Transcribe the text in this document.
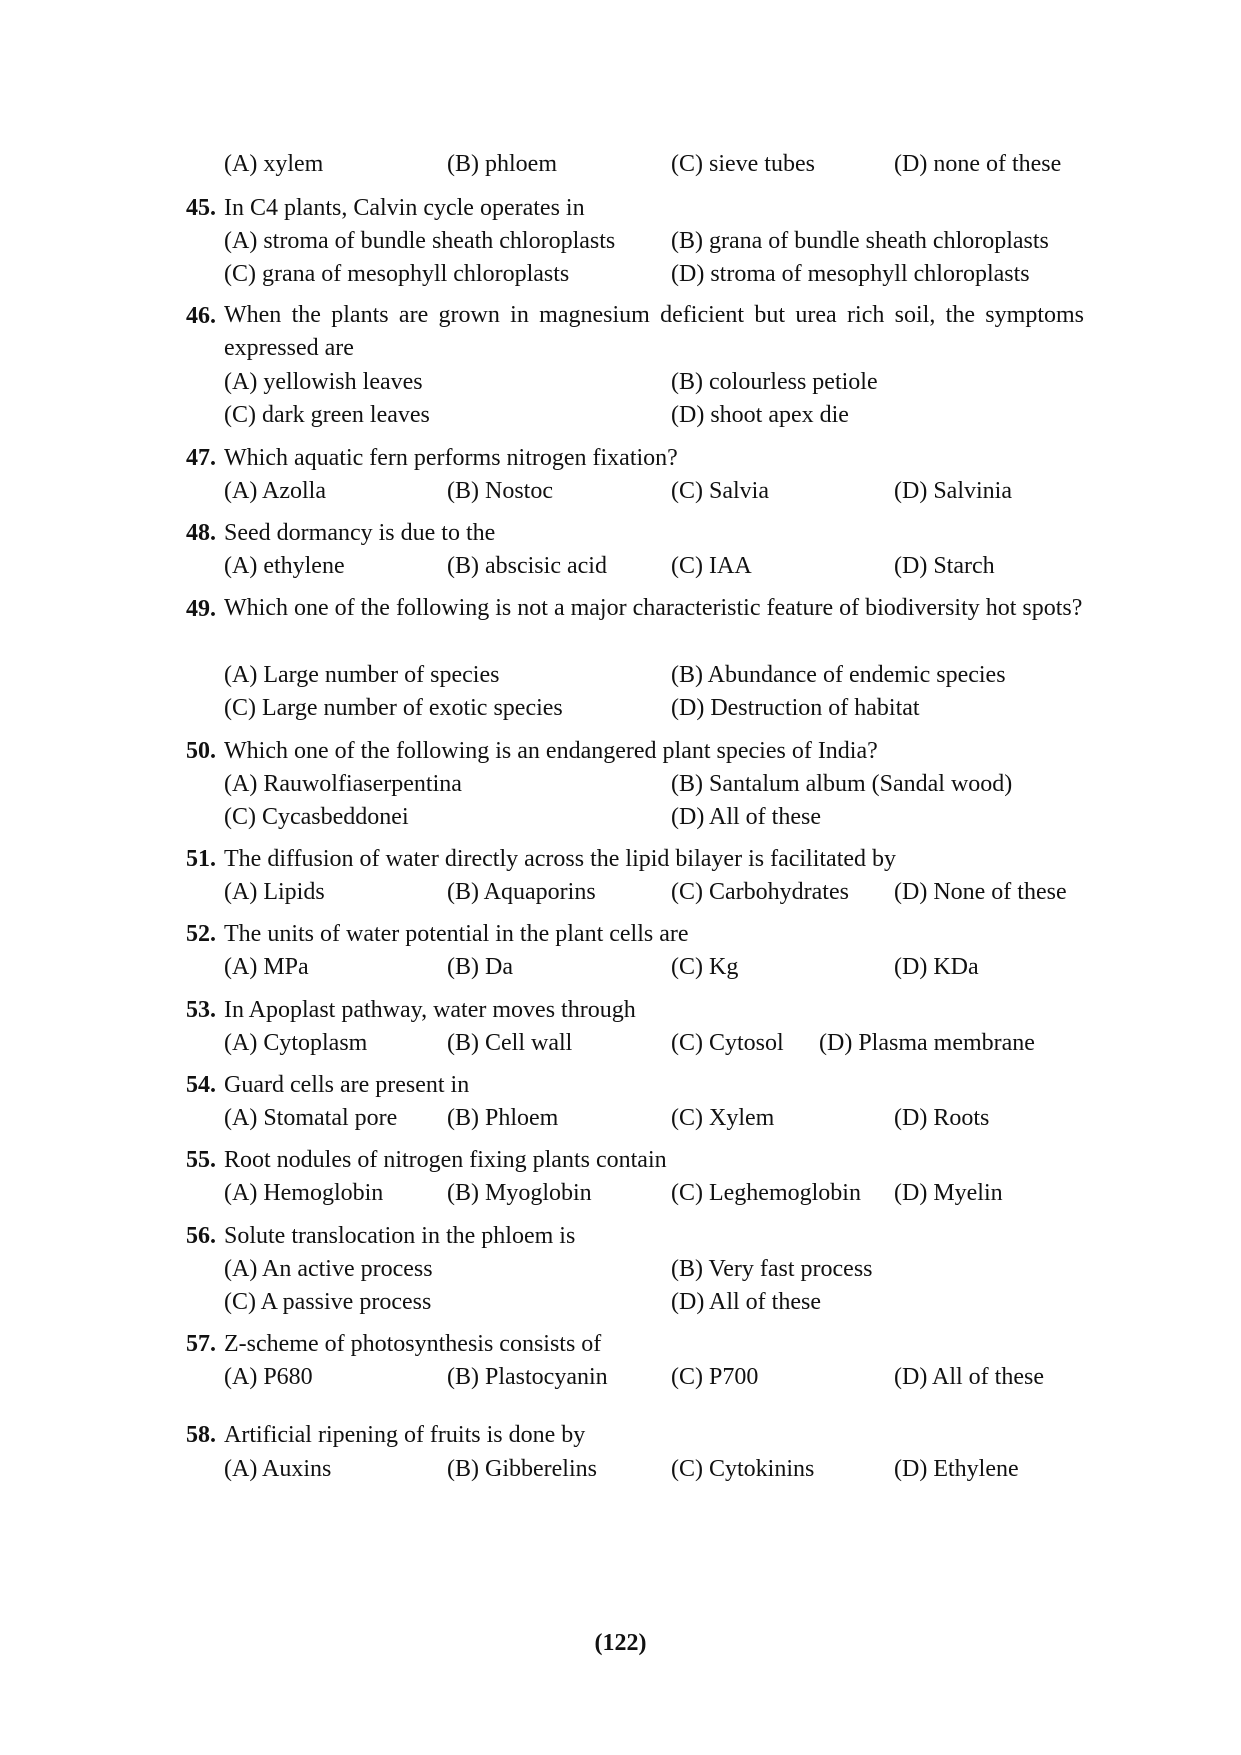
(A) xylem	(B) phloem	(C) sieve tubes	(D) none of these
45. In C4 plants, Calvin cycle operates in
(A) stroma of bundle sheath chloroplasts (B) grana of bundle sheath chloroplasts
(C) grana of mesophyll chloroplasts	(D) stroma of mesophyll chloroplasts
46. When the plants are grown in magnesium deficient but urea rich soil, the symptoms expressed are
(A) yellowish leaves	(B) colourless petiole
(C) dark green leaves	(D) shoot apex die
47. Which aquatic fern performs nitrogen fixation?
(A) Azolla	(B) Nostoc	(C) Salvia	(D) Salvinia
48. Seed dormancy is due to the
(A) ethylene	(B) abscisic acid	(C) IAA	(D) Starch
49. Which one of the following is not a major characteristic feature of biodiversity hot spots?
(A) Large number of species	(B) Abundance of endemic species
(C) Large number of exotic species	(D) Destruction of habitat
50. Which one of the following is an endangered plant species of India?
(A) Rauwolfiaserpentina	(B) Santalum album (Sandal wood)
(C) Cycasbeddonei	(D) All of these
51. The diffusion of water directly across the lipid bilayer is facilitated by
(A) Lipids	(B) Aquaporins	(C) Carbohydrates (D) None of these
52. The units of water potential in the plant cells are
(A) MPa	(B) Da	(C) Kg	(D) KDa
53. In Apoplast pathway, water moves through
(A) Cytoplasm	(B) Cell wall	(C) Cytosol (D) Plasma membrane
54. Guard cells are present in
(A) Stomatal pore (B) Phloem	(C) Xylem	(D) Roots
55. Root nodules of nitrogen fixing plants contain
(A) Hemoglobin	(B) Myoglobin	(C) Leghemoglobin (D) Myelin
56. Solute translocation in the phloem is
(A) An active process	(B) Very fast process
(C) A passive process	(D) All of these
57. Z-scheme of photosynthesis consists of
(A) P680	(B) Plastocyanin	(C) P700	(D) All of these
58. Artificial ripening of fruits is done by
(A) Auxins	(B) Gibberelins	(C) Cytokinins	(D) Ethylene
(122)
